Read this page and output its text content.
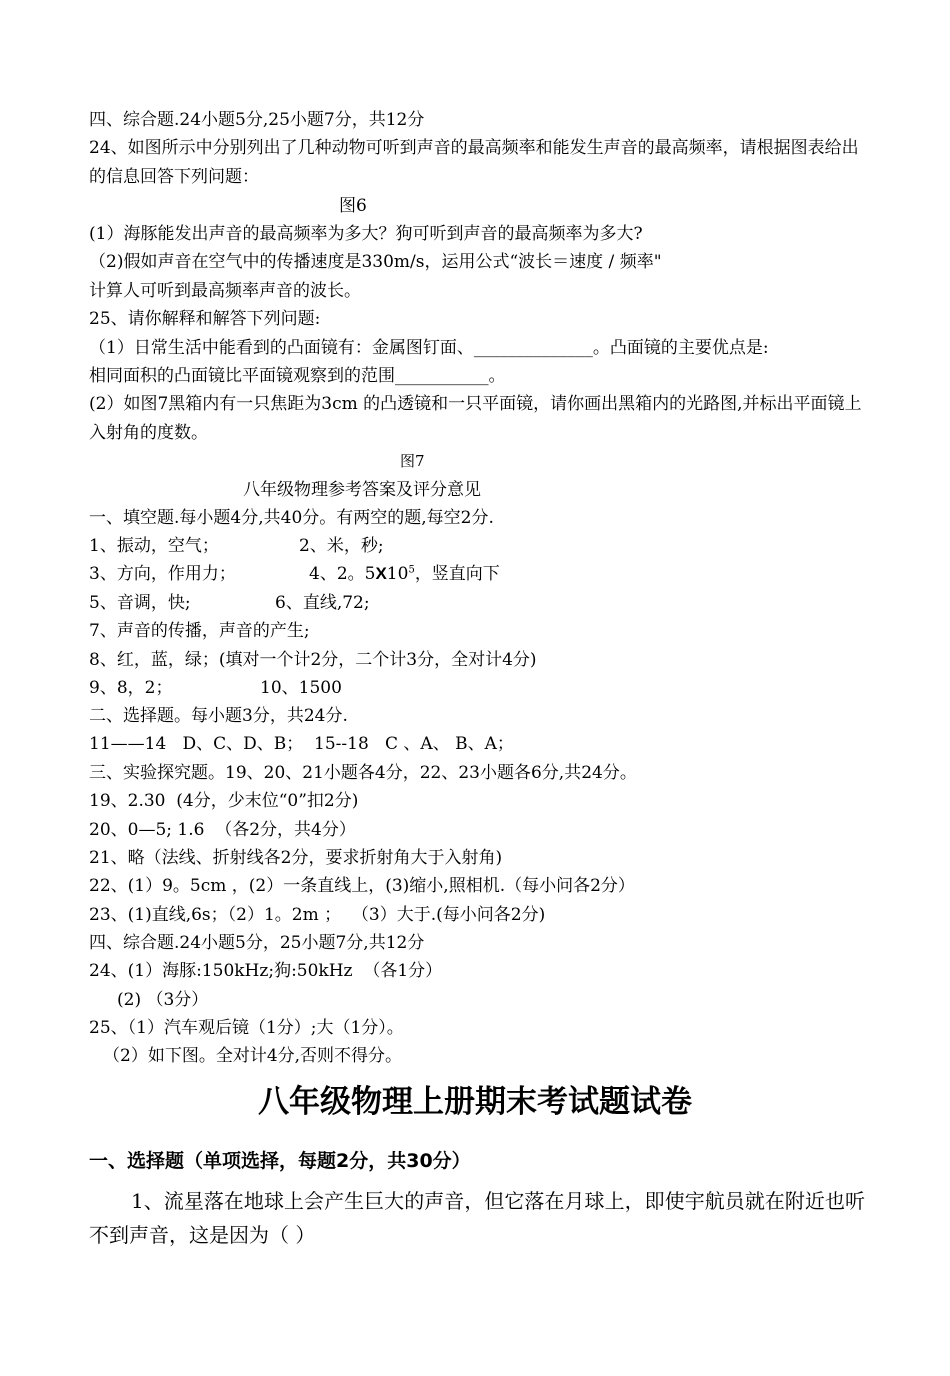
四、综合题.24小题5分,25小题7分，共12分
24、如图所示中分别列出了几种动物可听到声音的最高频率和能发生声音的最高频率，请根据图表给出的信息回答下列问题：
图6
(1）海豚能发出声音的最高频率为多大？狗可听到声音的最高频率为多大?
（2)假如声音在空气中的传播速度是330m/s，运用公式“波长＝速度 / 频率"
计算人可听到最高频率声音的波长。
25、请你解释和解答下列问题:
（1）日常生活中能看到的凸面镜有：金属图钉面、______________。凸面镜的主要优点是:
相同面积的凸面镜比平面镜观察到的范围___________。
(2）如图7黑箱内有一只焦距为3cm 的凸透镜和一只平面镜，请你画出黑箱内的光路图,并标出平面镜上入射角的度数。
图7
八年级物理参考答案及评分意见
一、填空题.每小题4分,共40分。有两空的题,每空2分.
1、振动，空气；	2、米，秒;
3、方向，作用力；	4、2。$5X10^5$，竖直向下
5、音调，快;	6、直线,72;
7、声音的传播，声音的产生;
8、红，蓝，绿；(填对一个计2分，二个计3分，全对计4分)
9、8，2；	10、1500
二、选择题。每小题3分，共24分.
11——14   D、C、D、B；  15--18   C 、A、 B、A；
三、实验探究题。19、20、21小题各4分，22、23小题各6分,共24分。
19、2.30  (4分，少末位“0”扣2分)
20、0—5; 1.6  （各2分，共4分）
21、略（法线、折射线各2分，要求折射角大于入射角)
22、(1）9。5cm ，(2）一条直线上，(3)缩小,照相机.（每小问各2分）
23、(1)直线,6s；（2）1。2m ；  （3）大于.(每小问各2分)
四、综合题.24小题5分，25小题7分,共12分
24、(1）海豚:150kHz;狗:50kHz  （各1分）
(2) （3分）
25、（1）汽车观后镜（1分）;大（1分）。
（2）如下图。全对计4分,否则不得分。
八年级物理上册期末考试题试卷
一、选择题（单项选择，每题2分，共30分）
1、流星落在地球上会产生巨大的声音，但它落在月球上，即使宇航员就在附近也听不到声音，这是因为（ ）
